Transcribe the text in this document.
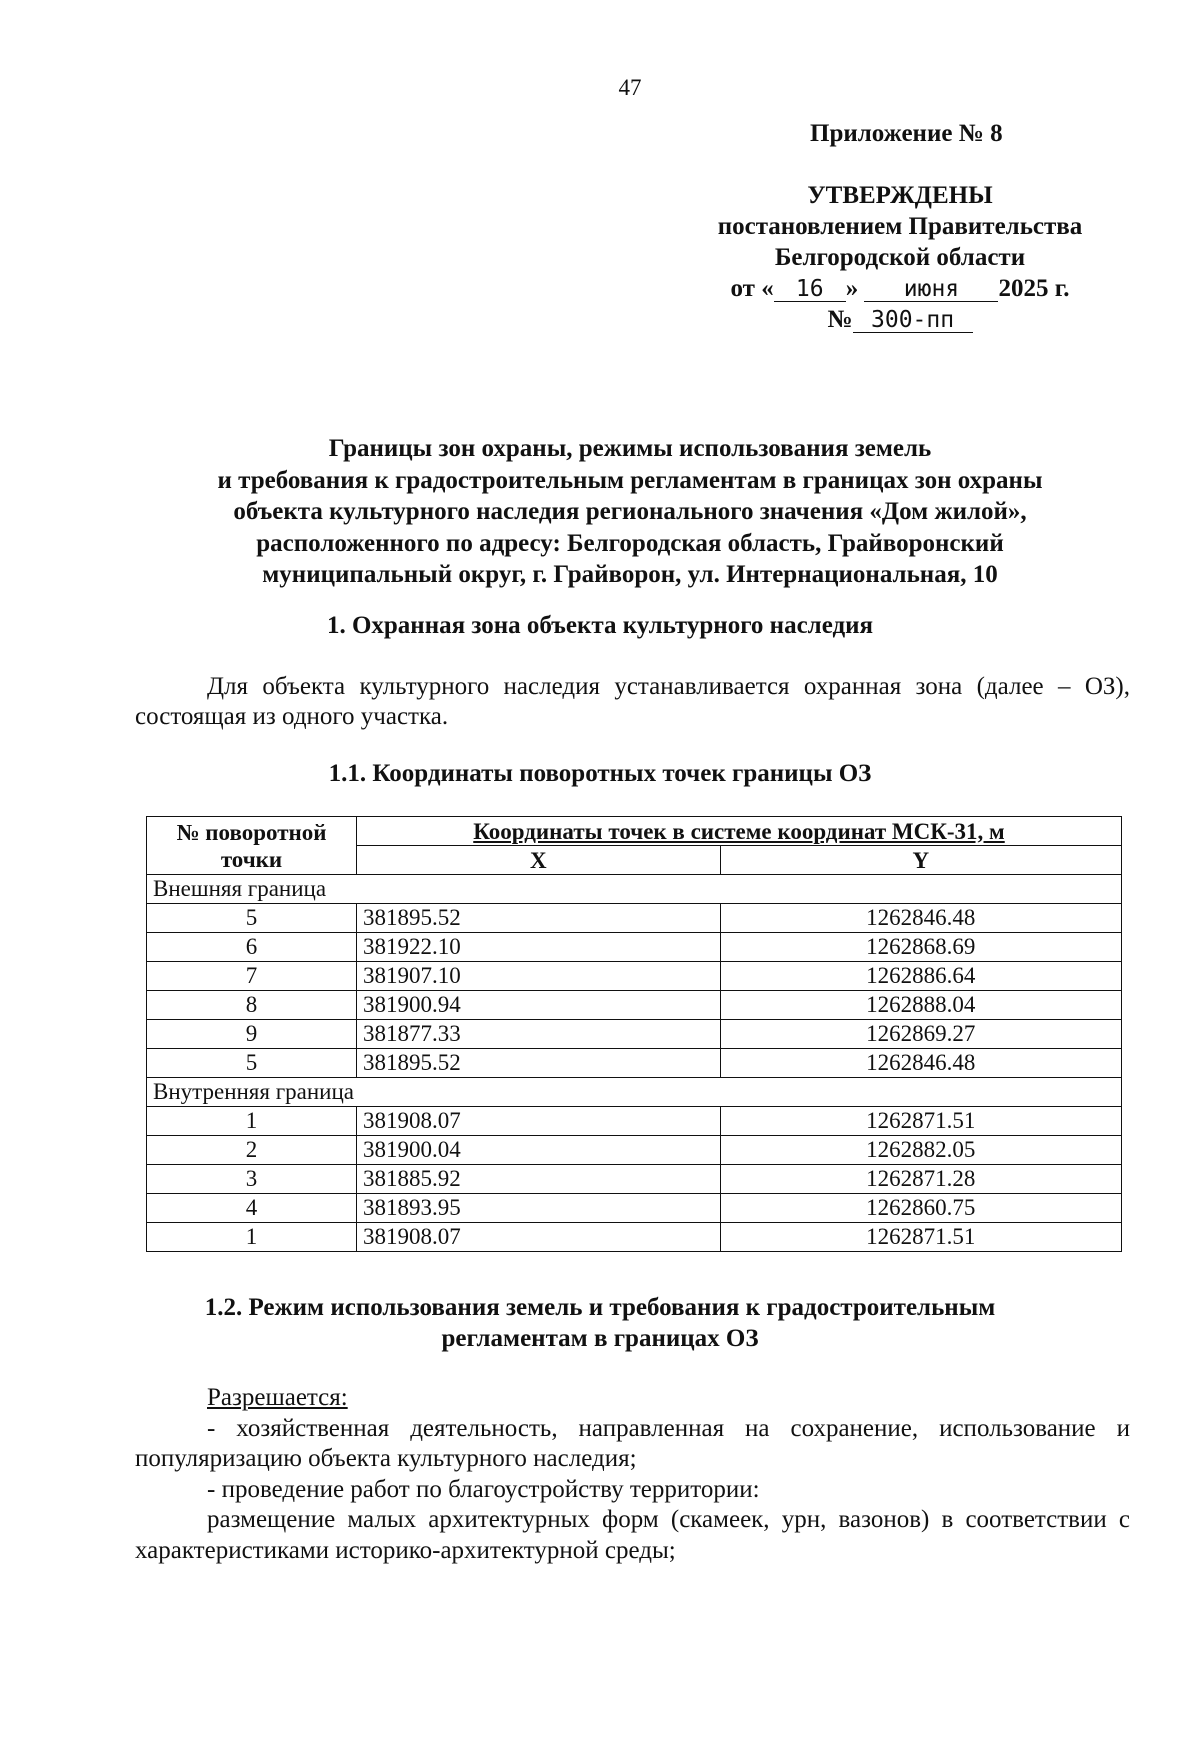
47
Приложение № 8
УТВЕРЖДЕНЫ
постановлением Правительства
Белгородской области
от « 16 » июня 2025 г.
№ 300-пп
Границы зон охраны, режимы использования земель
и требования к градостроительным регламентам в границах зон охраны
объекта культурного наследия регионального значения «Дом жилой»,
расположенного по адресу: Белгородская область, Грайворонский
муниципальный округ, г. Грайворон, ул. Интернациональная, 10
1. Охранная зона объекта культурного наследия
Для объекта культурного наследия устанавливается охранная зона (далее – ОЗ), состоящая из одного участка.
1.1. Координаты поворотных точек границы ОЗ
№ поворотной точки	Координаты точек в системе координат МСК-31, м	
	X	Y
Внешняя граница		
5	381895.52	1262846.48
6	381922.10	1262868.69
7	381907.10	1262886.64
8	381900.94	1262888.04
9	381877.33	1262869.27
5	381895.52	1262846.48
Внутренняя граница		
1	381908.07	1262871.51
2	381900.04	1262882.05
3	381885.92	1262871.28
4	381893.95	1262860.75
1	381908.07	1262871.51
1.2. Режим использования земель и требования к градостроительным
регламентам в границах ОЗ

Разрешается:

- хозяйственная деятельность, направленная на сохранение, использование и популяризацию объекта культурного наследия;

- проведение работ по благоустройству территории:

размещение малых архитектурных форм (скамеек, урн, вазонов) в соответствии с характеристиками историко-архитектурной среды;
